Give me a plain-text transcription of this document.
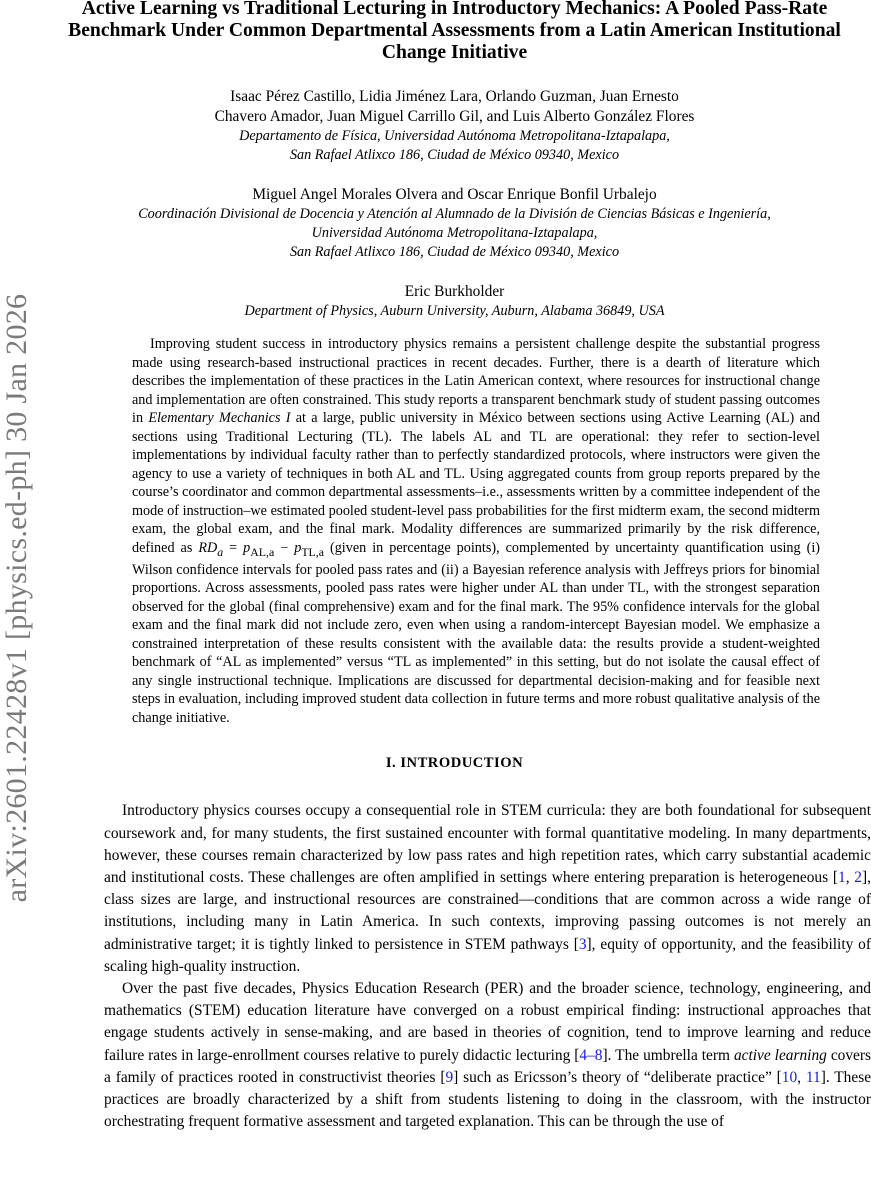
arXiv:2601.22428v1 [physics.ed-ph] 30 Jan 2026
Active Learning vs Traditional Lecturing in Introductory Mechanics: A Pooled Pass-Rate Benchmark Under Common Departmental Assessments from a Latin American Institutional Change Initiative
Isaac Pérez Castillo, Lidia Jiménez Lara, Orlando Guzman, Juan Ernesto
Chavero Amador, Juan Miguel Carrillo Gil, and Luis Alberto González Flores
Departamento de Física, Universidad Autónoma Metropolitana-Iztapalapa,
San Rafael Atlixco 186, Ciudad de México 09340, Mexico
Miguel Angel Morales Olvera and Oscar Enrique Bonfil Urbalejo
Coordinación Divisional de Docencia y Atención al Alumnado de la División de Ciencias Básicas e Ingeniería,
Universidad Autónoma Metropolitana-Iztapalapa,
San Rafael Atlixco 186, Ciudad de México 09340, Mexico
Eric Burkholder
Department of Physics, Auburn University, Auburn, Alabama 36849, USA

Improving student success in introductory physics remains a persistent challenge despite the substantial progress made using research-based instructional practices in recent decades. Further, there is a dearth of literature which describes the implementation of these practices in the Latin American context, where resources for instructional change and implementation are often constrained. This study reports a transparent benchmark study of student passing outcomes in Elementary Mechanics I at a large, public university in México between sections using Active Learning (AL) and sections using Traditional Lecturing (TL). The labels AL and TL are operational: they refer to section-level implementations by individual faculty rather than to perfectly standardized protocols, where instructors were given the agency to use a variety of techniques in both AL and TL. Using aggregated counts from group reports prepared by the course’s coordinator and common departmental assessments–i.e., assessments written by a committee independent of the mode of instruction–we estimated pooled student-level pass probabilities for the first midterm exam, the second midterm exam, the global exam, and the final mark. Modality differences are summarized primarily by the risk difference, defined as $RD_a = p_{AL,a} - p_{TL,a}$ (given in percentage points), complemented by uncertainty quantification using (i) Wilson confidence intervals for pooled pass rates and (ii) a Bayesian reference analysis with Jeffreys priors for binomial proportions. Across assessments, pooled pass rates were higher under AL than under TL, with the strongest separation observed for the global (final comprehensive) exam and for the final mark. The 95% confidence intervals for the global exam and the final mark did not include zero, even when using a random-intercept Bayesian model. We emphasize a constrained interpretation of these results consistent with the available data: the results provide a student-weighted benchmark of “AL as implemented” versus “TL as implemented” in this setting, but do not isolate the causal effect of any single instructional technique. Implications are discussed for departmental decision-making and for feasible next steps in evaluation, including improved student data collection in future terms and more robust qualitative analysis of the change initiative.

I. INTRODUCTION

Introductory physics courses occupy a consequential role in STEM curricula: they are both foundational for subsequent coursework and, for many students, the first sustained encounter with formal quantitative modeling. In many departments, however, these courses remain characterized by low pass rates and high repetition rates, which carry substantial academic and institutional costs. These challenges are often amplified in settings where entering preparation is heterogeneous [1, 2], class sizes are large, and instructional resources are constrained—conditions that are common across a wide range of institutions, including many in Latin America. In such contexts, improving passing outcomes is not merely an administrative target; it is tightly linked to persistence in STEM pathways [3], equity of opportunity, and the feasibility of scaling high-quality instruction.

Over the past five decades, Physics Education Research (PER) and the broader science, technology, engineering, and mathematics (STEM) education literature have converged on a robust empirical finding: instructional approaches that engage students actively in sense-making, and are based in theories of cognition, tend to improve learning and reduce failure rates in large-enrollment courses relative to purely didactic lecturing [4–8]. The umbrella term active learning covers a family of practices rooted in constructivist theories [9] such as Ericsson’s theory of “deliberate practice” [10, 11]. These practices are broadly characterized by a shift from students listening to doing in the classroom, with the instructor orchestrating frequent formative assessment and targeted explanation. This can be through the use of
